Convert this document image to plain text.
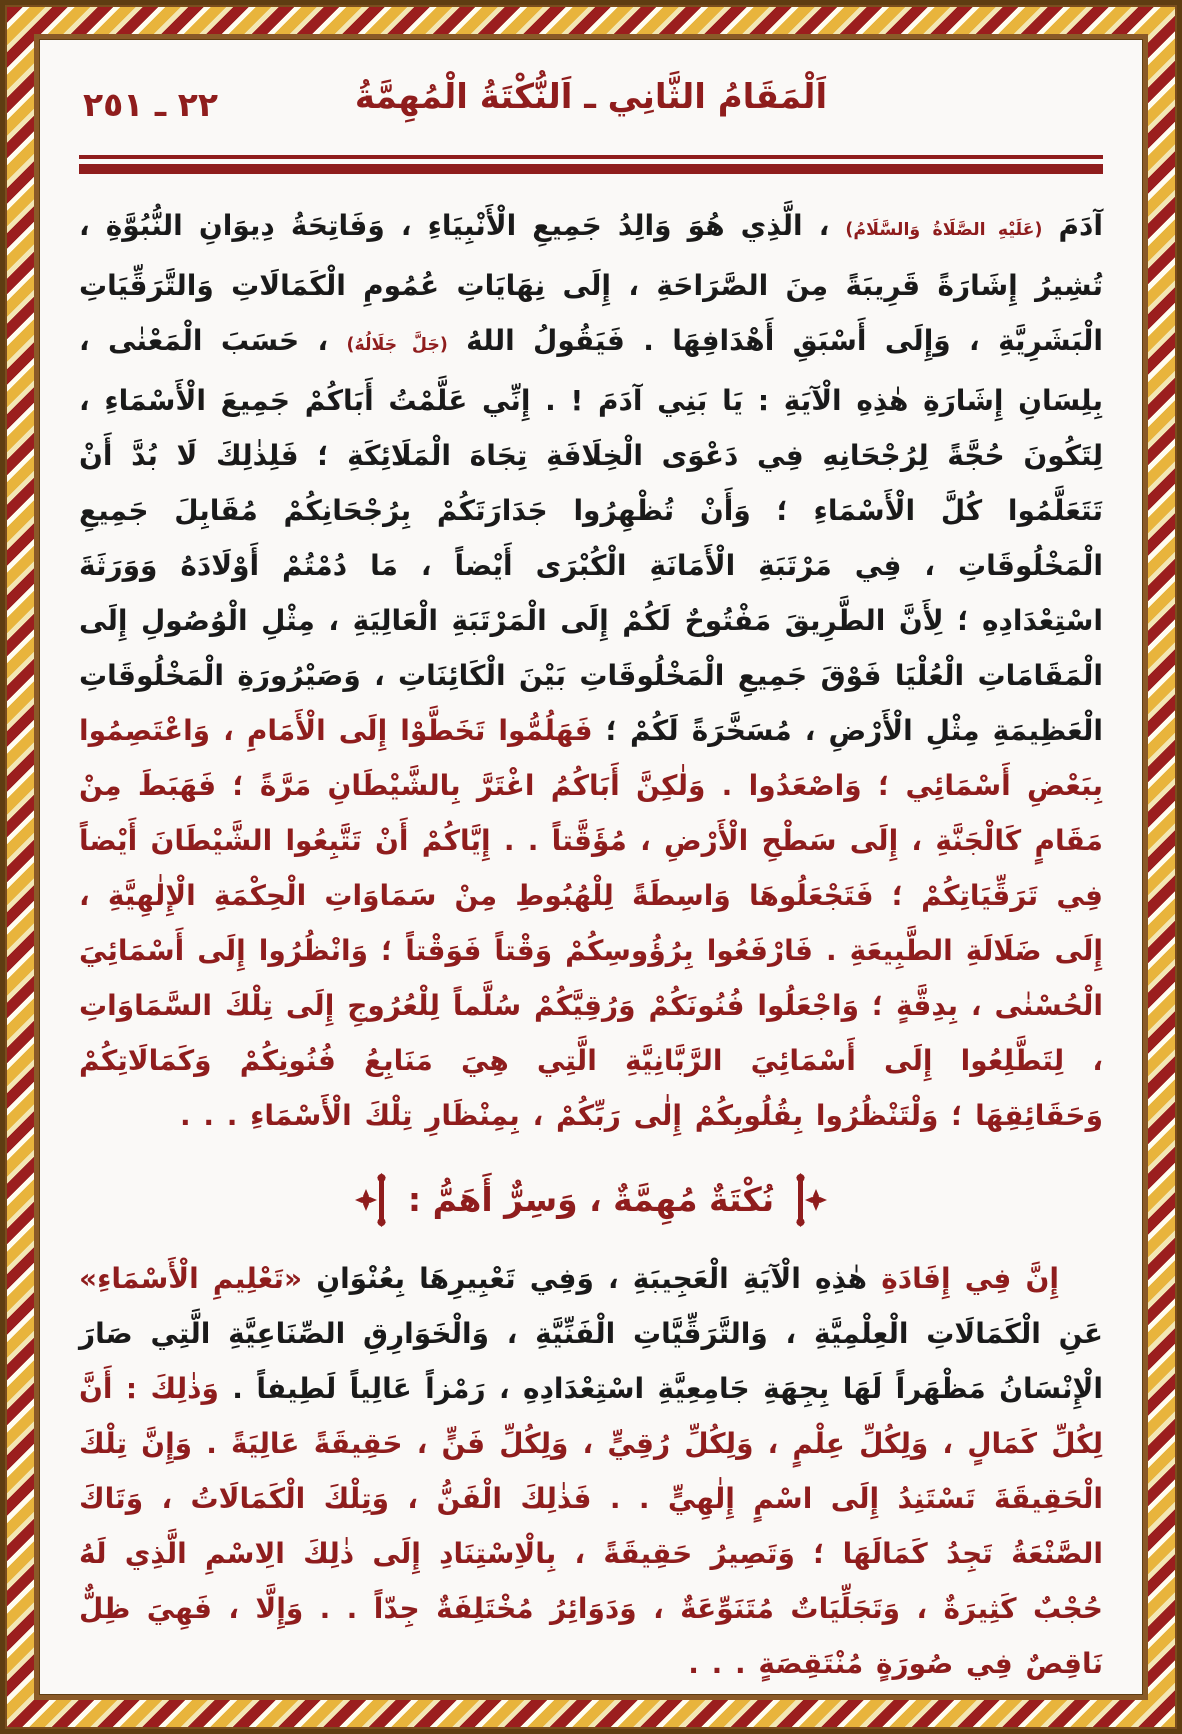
٢٢ ـ ٢٥١	اَلْمَقَامُ الثَّانِي ـ اَلنُّكْتَةُ الْمُهِمَّةُ

آدَمَ (عَلَيْهِ الصَّلَاةُ وَالسَّلَامُ) ، الَّذِي هُوَ وَالِدُ جَمِيعِ الْأَنْبِيَاءِ ، وَفَاتِحَةُ دِيوَانِ النُّبُوَّةِ ، تُشِيرُ إِشَارَةً قَرِيبَةً مِنَ الصَّرَاحَةِ ، إِلَى نِهَايَاتِ عُمُومِ الْكَمَالَاتِ وَالتَّرَقِّيَاتِ الْبَشَرِيَّةِ ، وَإِلَى أَسْبَقِ أَهْدَافِهَا . فَيَقُولُ اللهُ (جَلَّ جَلَالُهُ) ، حَسَبَ الْمَعْنٰى ، بِلِسَانِ إِشَارَةِ هٰذِهِ الْآيَةِ : يَا بَنِي آدَمَ ! . إِنِّي عَلَّمْتُ أَبَاكُمْ جَمِيعَ الْأَسْمَاءِ ، لِتَكُونَ حُجَّةً لِرُجْحَانِهِ فِي دَعْوَى الْخِلَافَةِ تِجَاهَ الْمَلَائِكَةِ ؛ فَلِذٰلِكَ لَا بُدَّ أَنْ تَتَعَلَّمُوا كُلَّ الْأَسْمَاءِ ؛ وَأَنْ تُظْهِرُوا جَدَارَتَكُمْ بِرُجْحَانِكُمْ مُقَابِلَ جَمِيعِ الْمَخْلُوقَاتِ ، فِي مَرْتَبَةِ الْأَمَانَةِ الْكُبْرَى أَيْضاً ، مَا دُمْتُمْ أَوْلَادَهُ وَوَرَثَةَ اسْتِعْدَادِهِ ؛ لِأَنَّ الطَّرِيقَ مَفْتُوحٌ لَكُمْ إِلَى الْمَرْتَبَةِ الْعَالِيَةِ ، مِثْلِ الْوُصُولِ إِلَى الْمَقَامَاتِ الْعُلْيَا فَوْقَ جَمِيعِ الْمَخْلُوقَاتِ بَيْنَ الْكَائِنَاتِ ، وَصَيْرُورَةِ الْمَخْلُوقَاتِ الْعَظِيمَةِ مِثْلِ الْأَرْضِ ، مُسَخَّرَةً لَكُمْ ؛ فَهَلُمُّوا تَخَطَّوْا إِلَى الْأَمَامِ ، وَاعْتَصِمُوا بِبَعْضِ أَسْمَائِي ؛ وَاصْعَدُوا . وَلٰكِنَّ أَبَاكُمُ اغْتَرَّ بِالشَّيْطَانِ مَرَّةً ؛ فَهَبَطَ مِنْ مَقَامٍ كَالْجَنَّةِ ، إِلَى سَطْحِ الْأَرْضِ ، مُؤَقَّتاً . . إِيَّاكُمْ أَنْ تَتَّبِعُوا الشَّيْطَانَ أَيْضاً فِي تَرَقِّيَاتِكُمْ ؛ فَتَجْعَلُوهَا وَاسِطَةً لِلْهُبُوطِ مِنْ سَمَاوَاتِ الْحِكْمَةِ الْإِلٰهِيَّةِ ، إِلَى ضَلَالَةِ الطَّبِيعَةِ . فَارْفَعُوا بِرُؤُوسِكُمْ وَقْتاً فَوَقْتاً ؛ وَانْظُرُوا إِلَى أَسْمَائِيَ الْحُسْنٰى ، بِدِقَّةٍ ؛ وَاجْعَلُوا فُنُونَكُمْ وَرُقِيَّكُمْ سُلَّماً لِلْعُرُوجِ إِلَى تِلْكَ السَّمَاوَاتِ ، لِتَطَّلِعُوا إِلَى أَسْمَائِيَ الرَّبَّانِيَّةِ الَّتِي هِيَ مَنَابِعُ فُنُونِكُمْ وَكَمَالَاتِكُمْ وَحَقَائِقِهَا ؛ وَلْتَنْظُرُوا بِقُلُوبِكُمْ إِلٰى رَبِّكُمْ ، بِمِنْظَارِ تِلْكَ الْأَسْمَاءِ . . .

نُكْتَةٌ مُهِمَّةٌ ، وَسِرٌّ أَهَمُّ :

إِنَّ فِي إِفَادَةِ هٰذِهِ الْآيَةِ الْعَجِيبَةِ ، وَفِي تَعْبِيرِهَا بِعُنْوَانِ «تَعْلِيمِ الْأَسْمَاءِ» عَنِ الْكَمَالَاتِ الْعِلْمِيَّةِ ، وَالتَّرَقِّيَّاتِ الْفَنِّيَّةِ ، وَالْخَوَارِقِ الصِّنَاعِيَّةِ الَّتِي صَارَ الْإِنْسَانُ مَظْهَراً لَهَا بِجِهَةِ جَامِعِيَّةِ اسْتِعْدَادِهِ ، رَمْزاً عَالِياً لَطِيفاً . وَذٰلِكَ : أَنَّ لِكُلِّ كَمَالٍ ، وَلِكُلِّ عِلْمٍ ، وَلِكُلِّ رُقِيٍّ ، وَلِكُلِّ فَنٍّ ، حَقِيقَةً عَالِيَةً . وَإِنَّ تِلْكَ الْحَقِيقَةَ تَسْتَنِدُ إِلَى اسْمٍ إِلٰهِيٍّ . . فَذٰلِكَ الْفَنُّ ، وَتِلْكَ الْكَمَالَاتُ ، وَتَاكَ الصَّنْعَةُ تَجِدُ كَمَالَهَا ؛ وَتَصِيرُ حَقِيقَةً ، بِالْاِسْتِنَادِ إِلَى ذٰلِكَ الِاسْمِ الَّذِي لَهُ حُجْبٌ كَثِيرَةٌ ، وَتَجَلِّيَاتٌ مُتَنَوِّعَةٌ ، وَدَوَائِرُ مُخْتَلِفَةٌ جِدّاً . . وَإِلَّا ، فَهِيَ ظِلٌّ نَاقِصٌ فِي صُورَةٍ مُنْتَقِصَةٍ . . .
